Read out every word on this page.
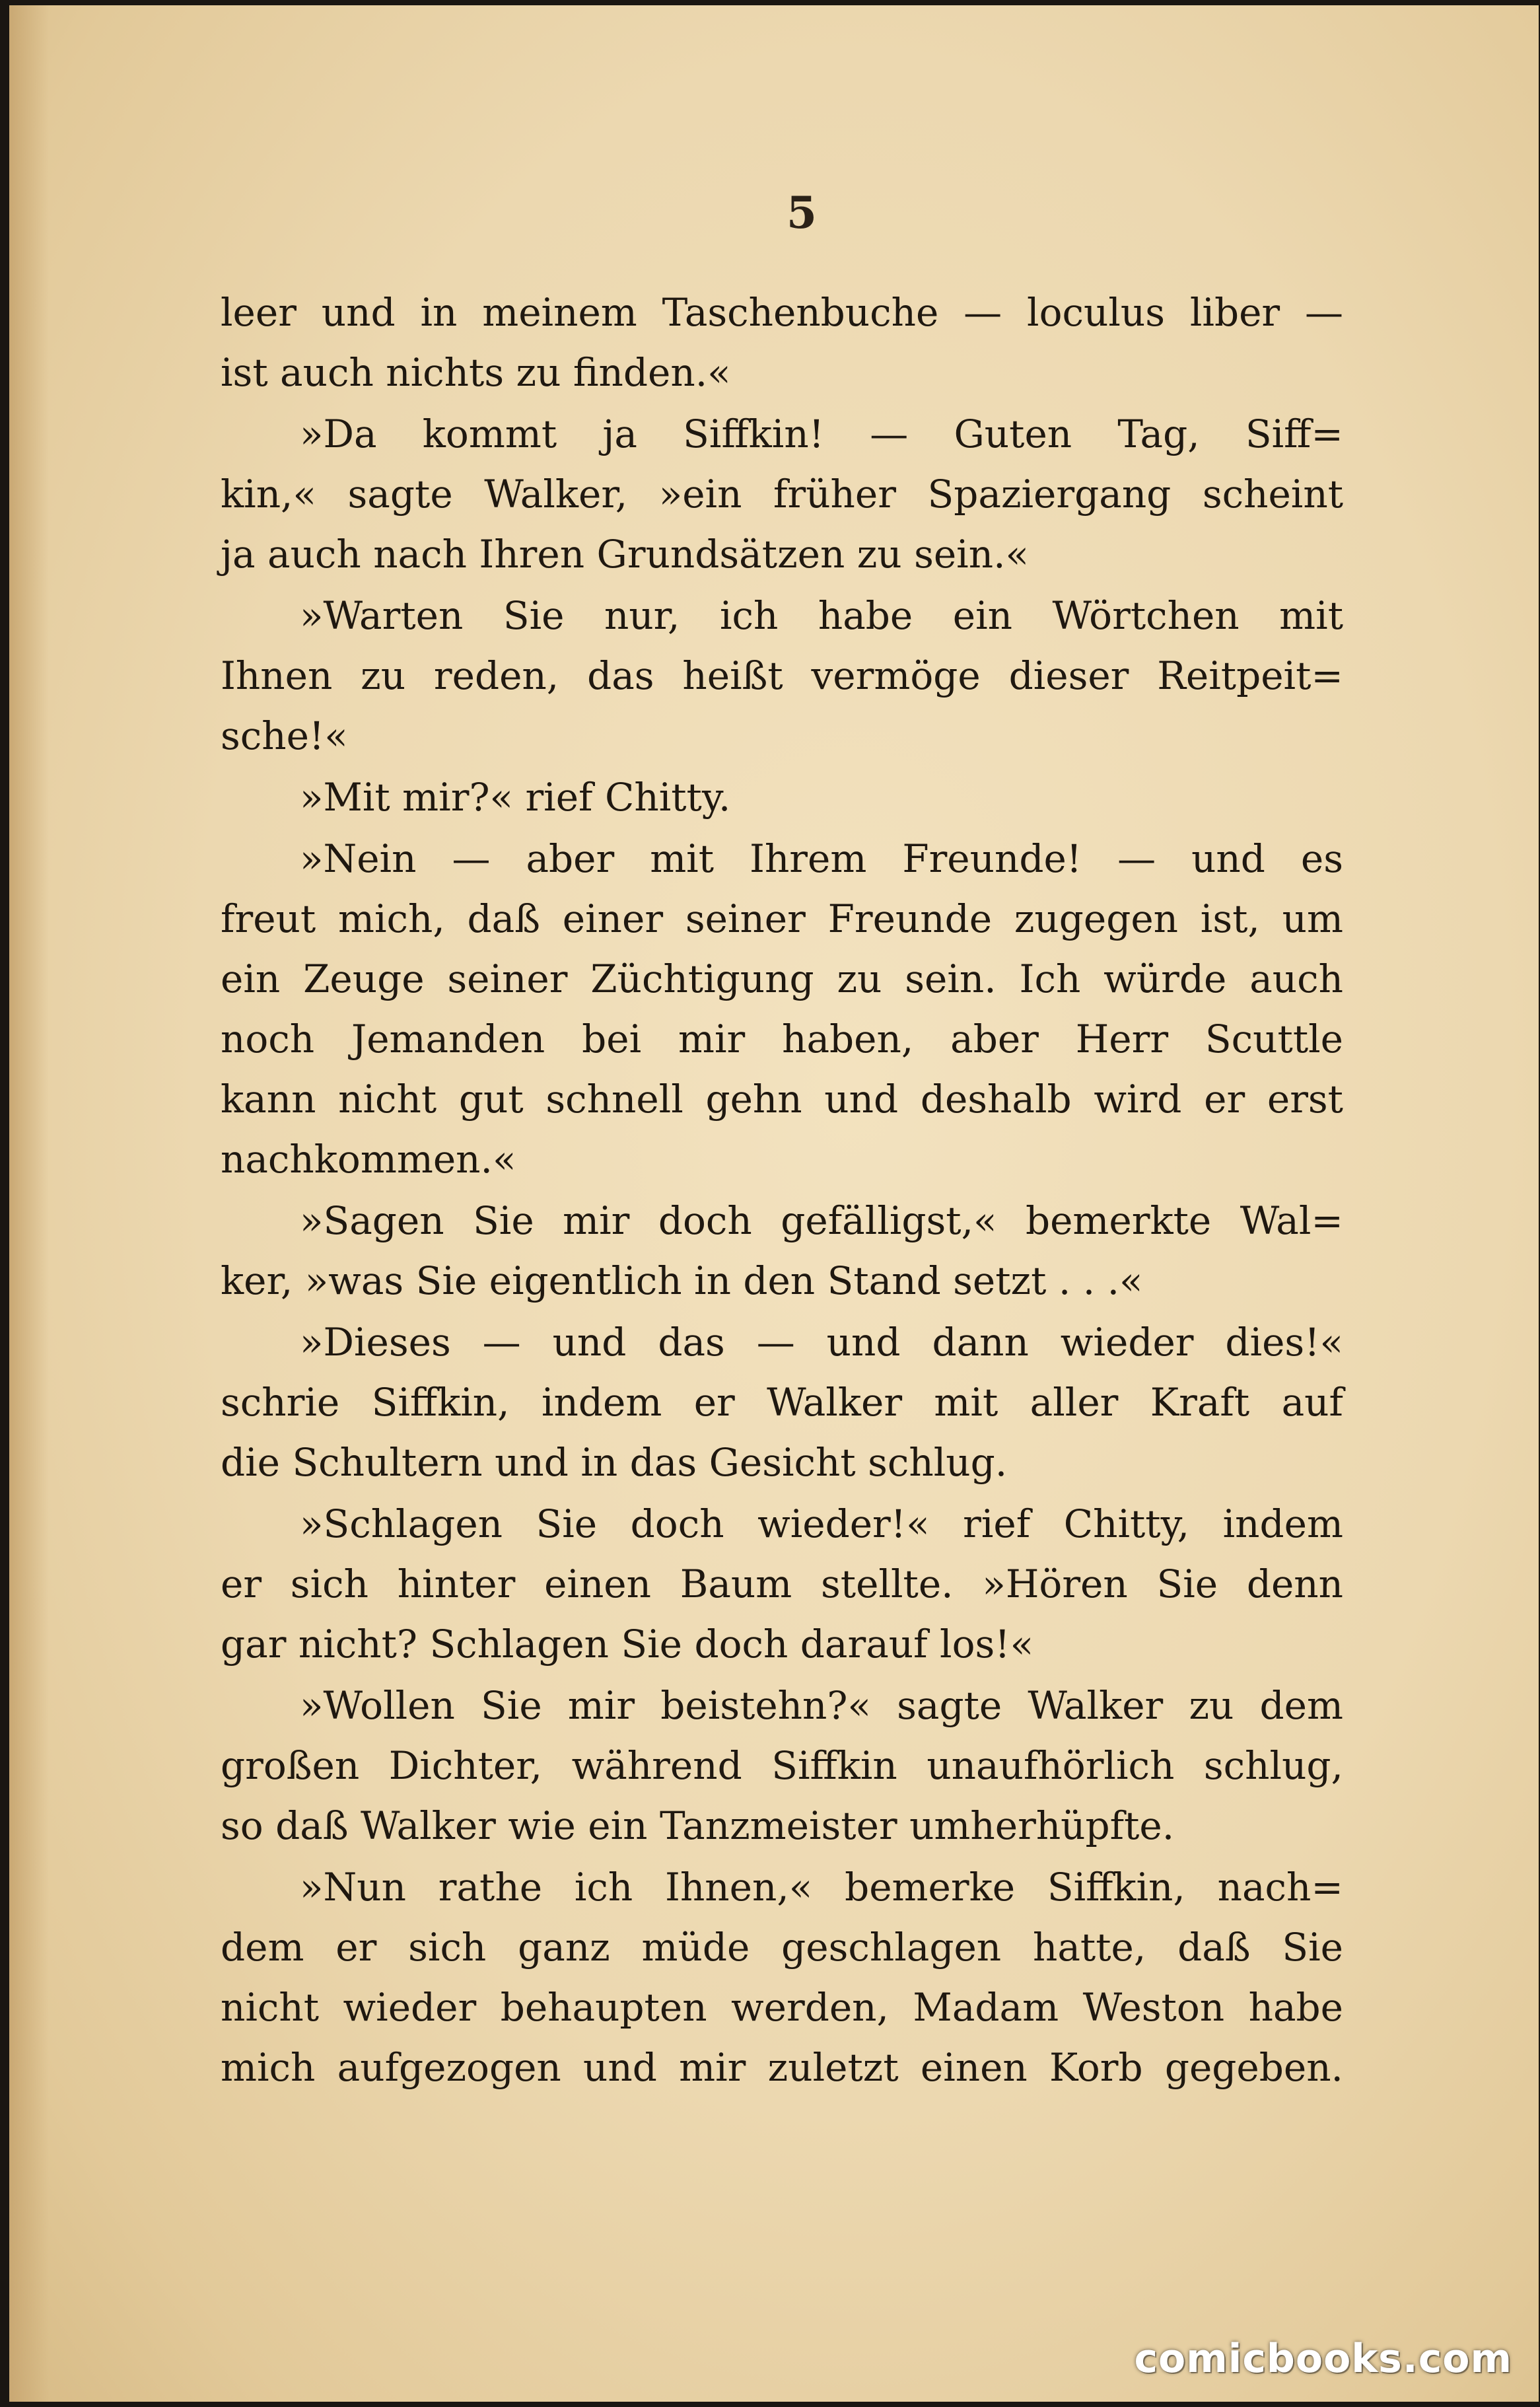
5
leer und in meinem Taschenbuche — loculus liber —
ist auch nichts zu finden.«
»Da kommt ja Siffkin! — Guten Tag, Siff=
kin,« sagte Walker, »ein früher Spaziergang scheint
ja auch nach Ihren Grundsätzen zu sein.«
»Warten Sie nur, ich habe ein Wörtchen mit
Ihnen zu reden, das heißt vermöge dieser Reitpeit=
sche!«
»Mit mir?« rief Chitty.
»Nein — aber mit Ihrem Freunde! — und es
freut mich, daß einer seiner Freunde zugegen ist, um
ein Zeuge seiner Züchtigung zu sein. Ich würde auch
noch Jemanden bei mir haben, aber Herr Scuttle
kann nicht gut schnell gehn und deshalb wird er erst
nachkommen.«
»Sagen Sie mir doch gefälligst,« bemerkte Wal=
ker, »was Sie eigentlich in den Stand setzt . . .«
»Dieses — und das — und dann wieder dies!«
schrie Siffkin, indem er Walker mit aller Kraft auf
die Schultern und in das Gesicht schlug.
»Schlagen Sie doch wieder!« rief Chitty, indem
er sich hinter einen Baum stellte. »Hören Sie denn
gar nicht? Schlagen Sie doch darauf los!«
»Wollen Sie mir beistehn?« sagte Walker zu dem
großen Dichter, während Siffkin unaufhörlich schlug,
so daß Walker wie ein Tanzmeister umherhüpfte.
»Nun rathe ich Ihnen,« bemerke Siffkin, nach=
dem er sich ganz müde geschlagen hatte, daß Sie
nicht wieder behaupten werden, Madam Weston habe
mich aufgezogen und mir zuletzt einen Korb gegeben.
comicbooks.com
